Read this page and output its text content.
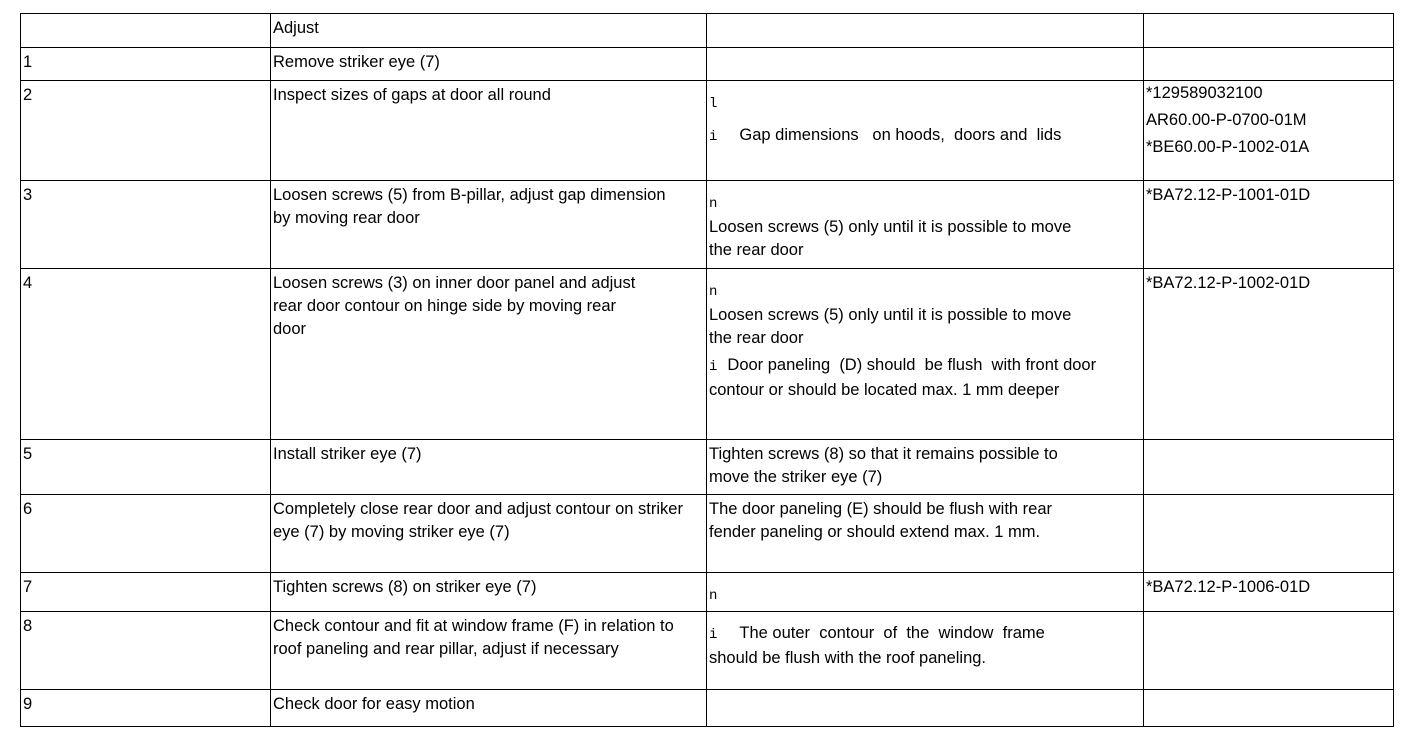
	Adjust		
1	Remove striker eye (7)		
2	Inspect sizes of gaps at door all round	l
i Gap dimensions   on hoods,  doors and  lids	*129589032100
AR60.00-P-0700-01M
*BE60.00-P-1002-01A

3	Loosen screws (5) from B-pillar, adjust gap dimension by moving rear door	n
Loosen screws (5) only until it is possible to move the rear door	*BA72.12-P-1001-01D

4	Loosen screws (3) on inner door panel and adjust rear door contour on hinge side by moving rear door	n
Loosen screws (5) only until it is possible to move the rear door
i Door paneling  (D) should  be flush  with front door contour or should be located max. 1 mm deeper	*BA72.12-P-1002-01D

5	Install striker eye (7)	Tighten screws (8) so that it remains possible to move the striker eye (7)	

6	Completely close rear door and adjust contour on striker eye (7) by moving striker eye (7)	The door paneling (E) should be flush with rear fender paneling or should extend max. 1 mm.	

7	Tighten screws (8) on striker eye (7)	n	*BA72.12-P-1006-01D

8	Check contour and fit at window frame (F) in relation to roof paneling and rear pillar, adjust if necessary	i The outer  contour  of  the  window  frame should be flush with the roof paneling.	

9	Check door for easy motion		
